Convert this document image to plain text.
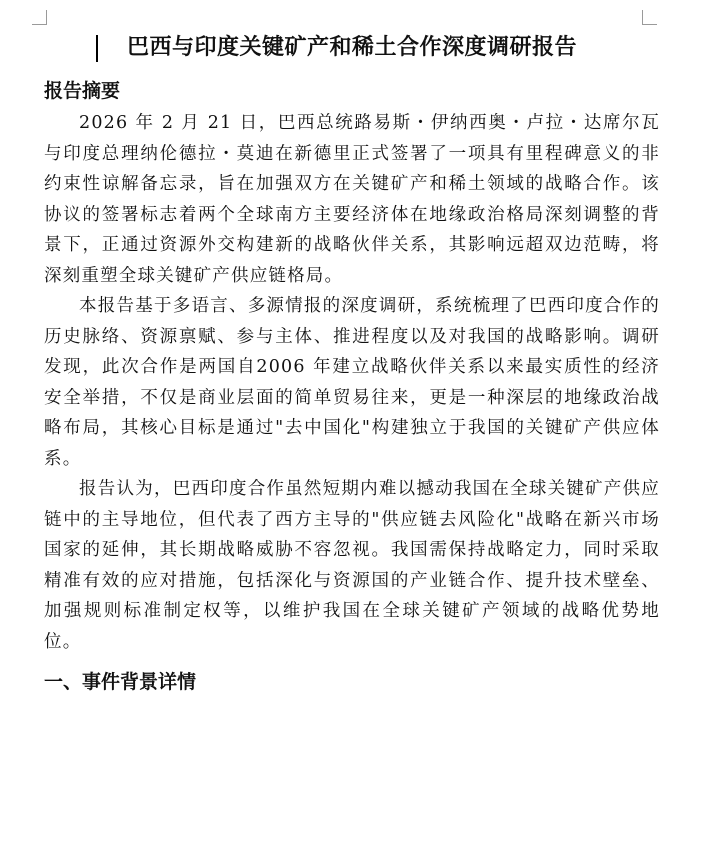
巴西与印度关键矿产和稀土合作深度调研报告
报告摘要

2026 年 2 月 21 日，巴西总统路易斯・伊纳西奥・卢拉・达席尔瓦与印度总理纳伦德拉・莫迪在新德里正式签署了一项具有里程碑意义的非约束性谅解备忘录，旨在加强双方在关键矿产和稀土领域的战略合作。该协议的签署标志着两个全球南方主要经济体在地缘政治格局深刻调整的背景下，正通过资源外交构建新的战略伙伴关系，其影响远超双边范畴，将深刻重塑全球关键矿产供应链格局。

本报告基于多语言、多源情报的深度调研，系统梳理了巴西印度合作的历史脉络、资源禀赋、参与主体、推进程度以及对我国的战略影响。调研发现，此次合作是两国自2006 年建立战略伙伴关系以来最实质性的经济安全举措，不仅是商业层面的简单贸易往来，更是一种深层的地缘政治战略布局，其核心目标是通过"去中国化"构建独立于我国的关键矿产供应体系。

报告认为，巴西印度合作虽然短期内难以撼动我国在全球关键矿产供应链中的主导地位，但代表了西方主导的"供应链去风险化"战略在新兴市场国家的延伸，其长期战略威胁不容忽视。我国需保持战略定力，同时采取精准有效的应对措施，包括深化与资源国的产业链合作、提升技术壁垒、加强规则标准制定权等，以维护我国在全球关键矿产领域的战略优势地位。

一、事件背景详情
